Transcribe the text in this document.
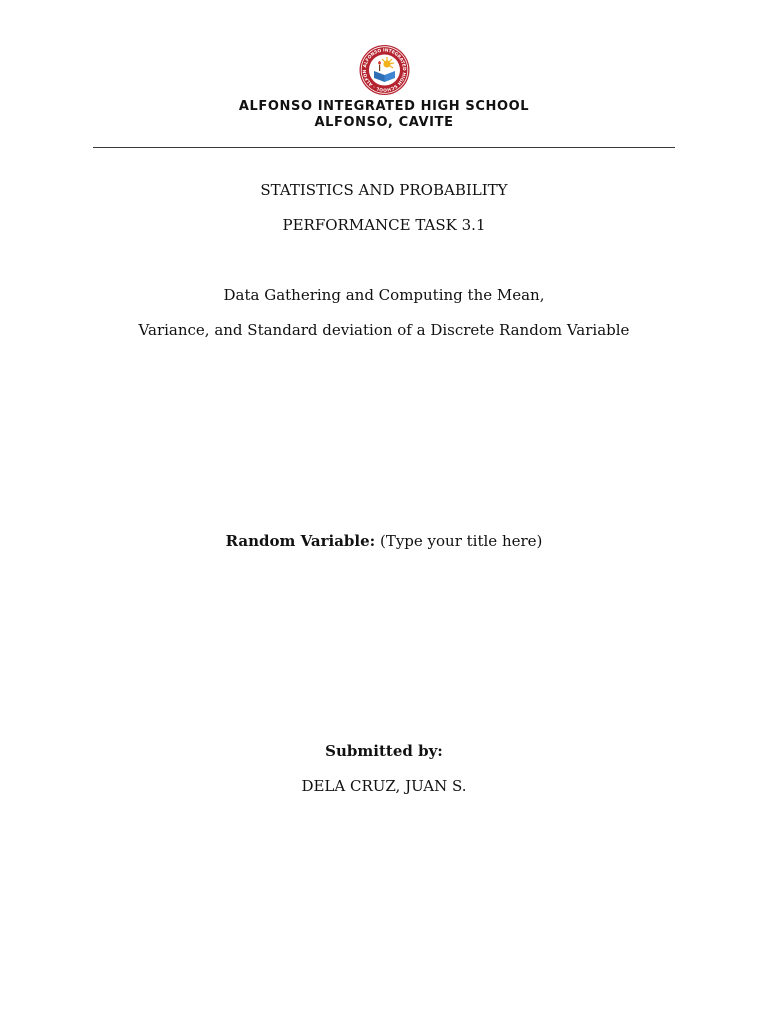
ALFONSO INTEGRATED HIGH SCHOOL · ALFON
ALFONSO INTEGRATED HIGH SCHOOL
ALFONSO, CAVITE
STATISTICS AND PROBABILITY
PERFORMANCE TASK 3.1
Data Gathering and Computing the Mean,
Variance, and Standard deviation of a Discrete Random Variable
Random Variable: (Type your title here)
Submitted by:
DELA CRUZ, JUAN S.
